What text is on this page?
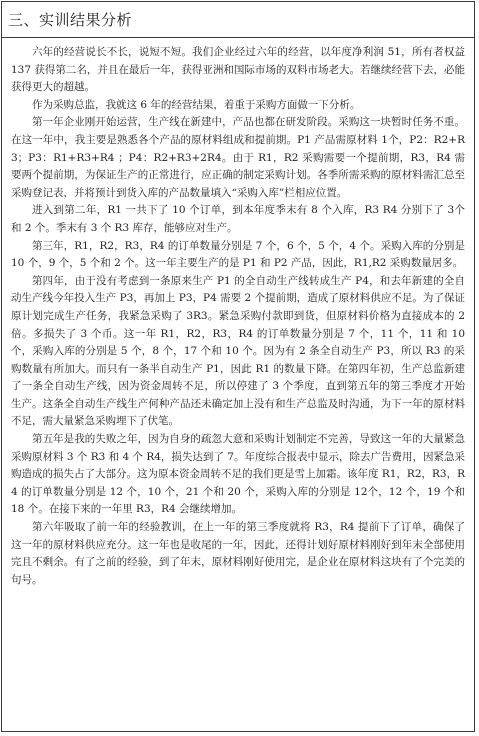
三、实训结果分析

六年的经营说长不长，说短不短。我们企业经过六年的经营，以年度净利润 51，所有者权益 137 获得第二名，并且在最后一年，获得亚洲和国际市场的双料市场老大。若继续经营下去，必能获得更大的超越。

作为采购总监，我就这 6 年的经营结果，着重于采购方面做一下分析。

第一年企业刚开始运营，生产线在新建中，产品也都在研发阶段。采购这一块暂时任务不重。在这一年中，我主要是熟悉各个产品的原材料组成和提前期。P1 产品需原材料 1个，P2：R2+R3；P3：R1+R3+R4 ；P4：R2+R3+2R4。由于 R1，R2 采购需要一个提前期，R3，R4 需要两个提前期，为保证生产的正常进行，应正确的制定采购计划。各季所需采购的原材料需汇总至采购登记表，并将预计到货入库的产品数量填入“采购入库”栏相应位置。

进入到第二年，R1 一共下了 10 个订单，到本年度季末有 8 个入库，R3 R4 分别下了 3个和 2 个。季末有 3 个 R3 库存，能够应对生产。

第三年，R1，R2，R3，R4 的订单数量分别是 7 个，6 个，5 个，4 个。采购入库的分别是 10 个，9 个，5 个和 2 个。这一年主要生产的是 P1 和 P2 产品，因此，R1,R2 采购数量居多。

第四年，由于没有考虑到一条原来生产 P1 的全自动生产线转成生产 P4，和去年新建的全自动生产线今年投入生产 P3，再加上 P3，P4 需要 2 个提前期，造成了原材料供应不足。为了保证原计划完成生产任务，我紧急采购了 3R3。紧急采购付款即到货，但原材料价格为直接成本的 2 倍。多损失了 3 个币。这一年 R1，R2，R3，R4 的订单数量分别是 7 个，11 个，11 和 10 个，采购入库的分别是 5 个，8 个，17 个和 10 个。因为有 2 条全自动生产 P3，所以 R3 的采购数量有所加大。而只有一条半自动生产 P1，因此 R1 的数量下降。在第四年初，生产总监新建了一条全自动生产线，因为资金周转不足，所以停建了 3 个季度，直到第五年的第三季度才开始生产。这条全自动生产线生产何种产品还未确定加上没有和生产总监及时沟通，为下一年的原材料不足，需大量紧急采购埋下了伏笔。

第五年是我的失败之年，因为自身的疏忽大意和采购计划制定不完善，导致这一年的大量紧急采购原材料 3 个 R3 和 4 个 R4，损失达到了 7。年度综合报表中显示，除去广告费用，因紧急采购造成的损失占了大部分。这为原本资金周转不足的我们更是雪上加霜。该年度 R1，R2，R3，R4 的订单数量分别是 12 个，10 个，21 个和 20 个，采购入库的分别是 12个，12 个，19 个和 18 个。在接下来的一年里 R3，R4 会继续增加。

第六年吸取了前一年的经验教训，在上一年的第三季度就将 R3，R4 提前下了订单，确保了这一年的原材料供应充分。这一年也是收尾的一年，因此，还得计划好原材料刚好到年末全部使用完且不剩余。有了之前的经验，到了年末，原材料刚好使用完，是企业在原材料这块有了个完美的句号。
